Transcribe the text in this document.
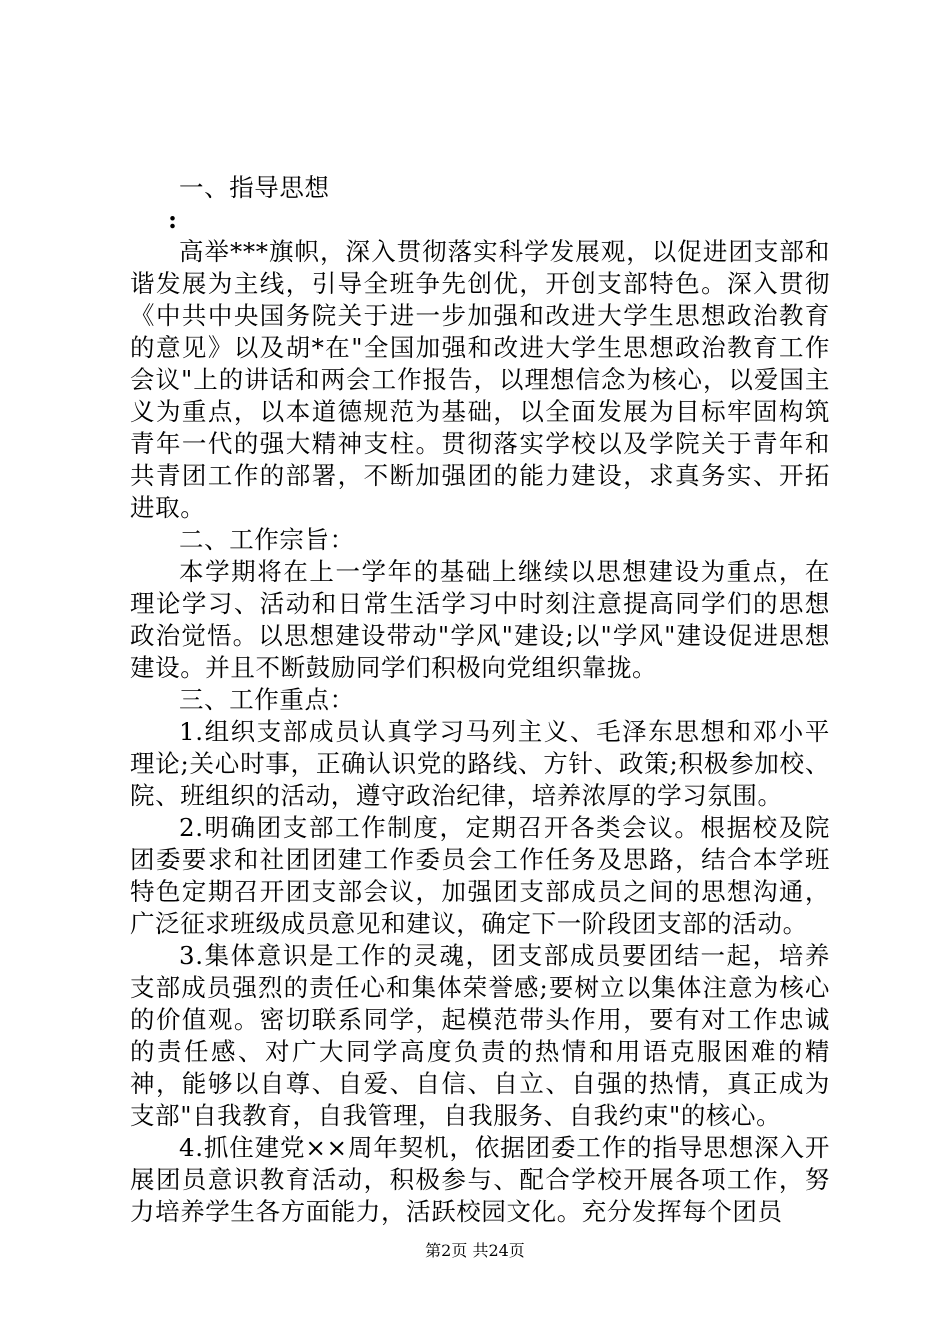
一、指导思想

:

高举***旗帜，深入贯彻落实科学发展观，以促进团支部和谐发展为主线，引导全班争先创优，开创支部特色。深入贯彻《中共中央国务院关于进一步加强和改进大学生思想政治教育的意见》以及胡*在"全国加强和改进大学生思想政治教育工作会议"上的讲话和两会工作报告，以理想信念为核心，以爱国主义为重点，以本道德规范为基础，以全面发展为目标牢固构筑青年一代的强大精神支柱。贯彻落实学校以及学院关于青年和共青团工作的部署，不断加强团的能力建设，求真务实、开拓进取。

二、工作宗旨：

本学期将在上一学年的基础上继续以思想建设为重点，在理论学习、活动和日常生活学习中时刻注意提高同学们的思想政治觉悟。以思想建设带动"学风"建设;以"学风"建设促进思想建设。并且不断鼓励同学们积极向党组织靠拢。

三、工作重点：

1.组织支部成员认真学习马列主义、毛泽东思想和邓小平理论;关心时事，正确认识党的路线、方针、政策;积极参加校、院、班组织的活动，遵守政治纪律，培养浓厚的学习氛围。

2.明确团支部工作制度，定期召开各类会议。根据校及院团委要求和社团团建工作委员会工作任务及思路，结合本学班特色定期召开团支部会议，加强团支部成员之间的思想沟通，广泛征求班级成员意见和建议，确定下一阶段团支部的活动。

3.集体意识是工作的灵魂，团支部成员要团结一起，培养支部成员强烈的责任心和集体荣誉感;要树立以集体注意为核心的价值观。密切联系同学，起模范带头作用，要有对工作忠诚的责任感、对广大同学高度负责的热情和用语克服困难的精神，能够以自尊、自爱、自信、自立、自强的热情，真正成为支部"自我教育，自我管理，自我服务、自我约束"的核心。

4.抓住建党××周年契机，依据团委工作的指导思想深入开展团员意识教育活动，积极参与、配合学校开展各项工作，努力培养学生各方面能力，活跃校园文化。充分发挥每个团员

第2页 共24页
